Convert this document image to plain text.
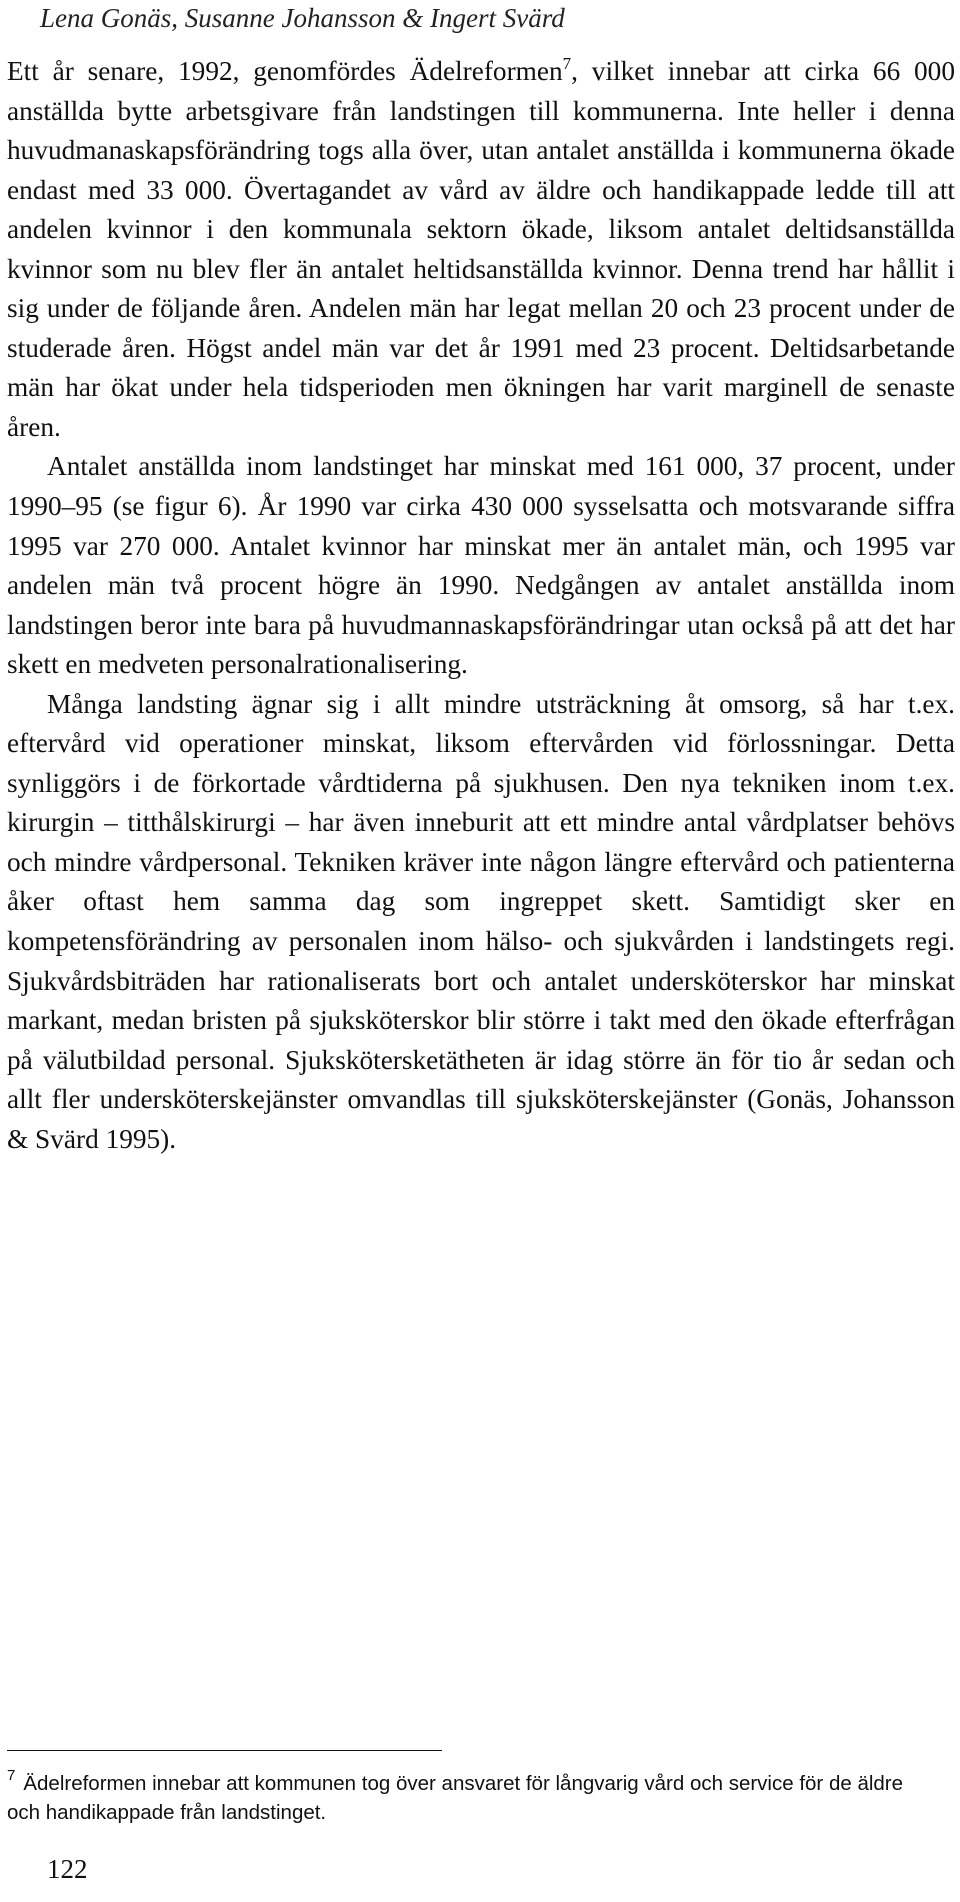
Lena Gonäs, Susanne Johansson & Ingert Svärd

Ett år senare, 1992, genomfördes Ädelreformen$^7$, vilket innebar att cirka 66 000 anställda bytte arbetsgivare från landstingen till kommunerna. Inte heller i denna huvudmanaskapsförändring togs alla över, utan antalet anställda i kommunerna ökade endast med 33 000. Övertagandet av vård av äldre och handikappade ledde till att andelen kvinnor i den kommunala sektorn ökade, liksom antalet deltidsanställda kvinnor som nu blev fler än antalet heltidsanställda kvinnor. Denna trend har hållit i sig under de följande åren. Andelen män har legat mellan 20 och 23 procent under de studerade åren. Högst andel män var det år 1991 med 23 procent. Deltidsarbetande män har ökat under hela tidsperioden men ökningen har varit marginell de senaste åren.

Antalet anställda inom landstinget har minskat med 161 000, 37 procent, under 1990–95 (se figur 6). År 1990 var cirka 430 000 sysselsatta och motsvarande siffra 1995 var 270 000. Antalet kvinnor har minskat mer än antalet män, och 1995 var andelen män två procent högre än 1990. Nedgången av antalet anställda inom landstingen beror inte bara på huvudmannaskapsförändringar utan också på att det har skett en medveten personalrationalisering.

Många landsting ägnar sig i allt mindre utsträckning åt omsorg, så har t.ex. eftervård vid operationer minskat, liksom eftervården vid förlossningar. Detta synliggörs i de förkortade vårdtiderna på sjukhusen. Den nya tekniken inom t.ex. kirurgin – titthålskirurgi – har även inneburit att ett mindre antal vårdplatser behövs och mindre vårdpersonal. Tekniken kräver inte någon längre eftervård och patienterna åker oftast hem samma dag som ingreppet skett. Samtidigt sker en kompetensförändring av personalen inom hälso- och sjukvården i landstingets regi. Sjukvårdsbiträden har rationaliserats bort och antalet undersköterskor har minskat markant, medan bristen på sjuksköterskor blir större i takt med den ökade efterfrågan på välutbildad personal. Sjukskötersketätheten är idag större än för tio år sedan och allt fler undersköterskejänster omvandlas till sjuksköterskejänster (Gonäs, Johansson & Svärd 1995).

$^7$ Ädelreformen innebar att kommunen tog över ansvaret för långvarig vård och service för de äldre och handikappade från landstinget.

122
